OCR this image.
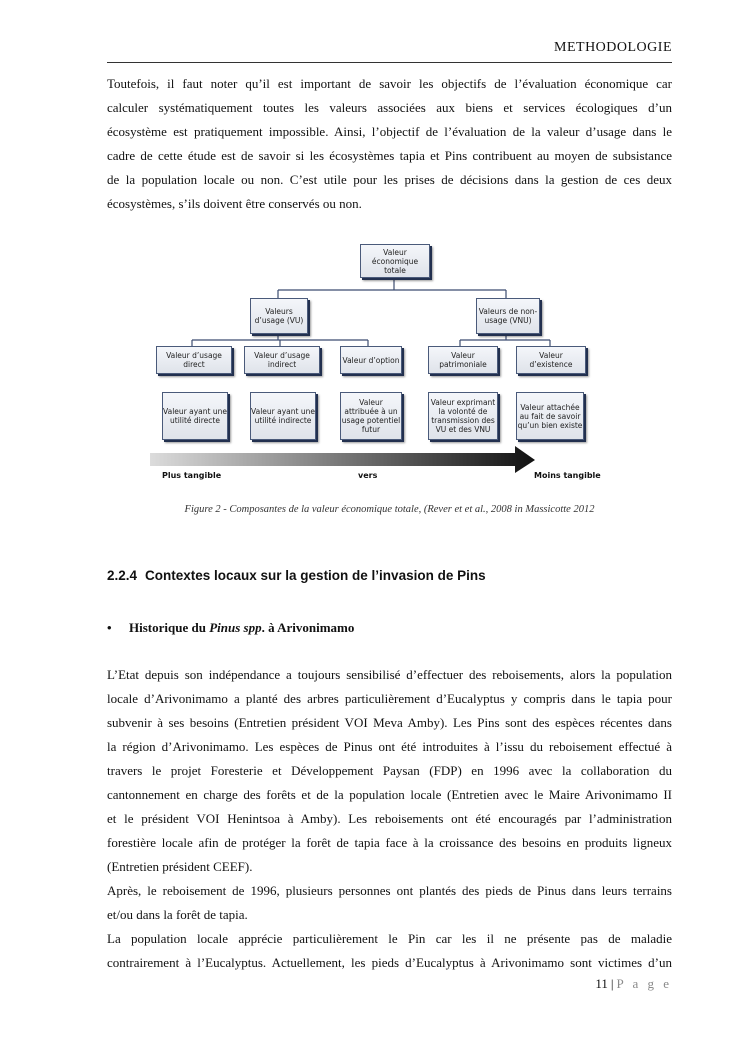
METHODOLOGIE
Toutefois, il faut noter qu’il est important de savoir les objectifs de l’évaluation économique car
calculer systématiquement toutes les valeurs associées aux biens et services écologiques d’un
écosystème est pratiquement impossible. Ainsi, l’objectif de l’évaluation de la valeur d’usage dans le
cadre de cette étude est de savoir si les écosystèmes tapia et Pins contribuent au moyen de subsistance
de la population locale ou non. C’est utile pour les prises de décisions dans la gestion de ces deux
écosystèmes, s’ils doivent être conservés ou non.
Valeur économique totale
Valeurs d’usage (VU)
Valeurs de non-usage (VNU)
Valeur d’usage direct
Valeur d’usage indirect	Valeur d’option	Valeur patrimoniale
Valeur d’existence
Valeur ayant une utilité directe
Valeur ayant une utilité indirecte
Valeur attribuée à un usage potentiel futur
Valeur exprimant la volonté de transmission des VU et des VNU
Valeur attachée au fait de savoir qu’un bien existe
Plus tangible	vers	Moins tangible
Figure 2 - Composantes de la valeur économique totale, (Rever et et al., 2008 in Massicotte 2012
2.2.4 Contextes locaux sur la gestion de l’invasion de Pins
• Historique du Pinus spp. à Arivonimamo
L’Etat depuis son indépendance a toujours sensibilisé d’effectuer des reboisements, alors la population
locale d’Arivonimamo a planté des arbres particulièrement d’Eucalyptus y compris dans le tapia pour
subvenir à ses besoins (Entretien président VOI Meva Amby). Les Pins sont des espèces récentes dans
la région d’Arivonimamo. Les espèces de Pinus ont été introduites à l’issu du reboisement effectué à
travers le projet Foresterie et Développement Paysan (FDP) en 1996 avec la collaboration du
cantonnement en charge des forêts et de la population locale (Entretien avec le Maire Arivonimamo II
et le président VOI Henintsoa à Amby). Les reboisements ont été encouragés par l’administration
forestière locale afin de protéger la forêt de tapia face à la croissance des besoins en produits ligneux
(Entretien président CEEF).
Après, le reboisement de 1996, plusieurs personnes ont plantés des pieds de Pinus dans leurs terrains
et/ou dans la forêt de tapia.
La population locale apprécie particulièrement le Pin car les il ne présente pas de maladie
contrairement à l’Eucalyptus. Actuellement, les pieds d’Eucalyptus à Arivonimamo sont victimes d’un
11 | P a g e
